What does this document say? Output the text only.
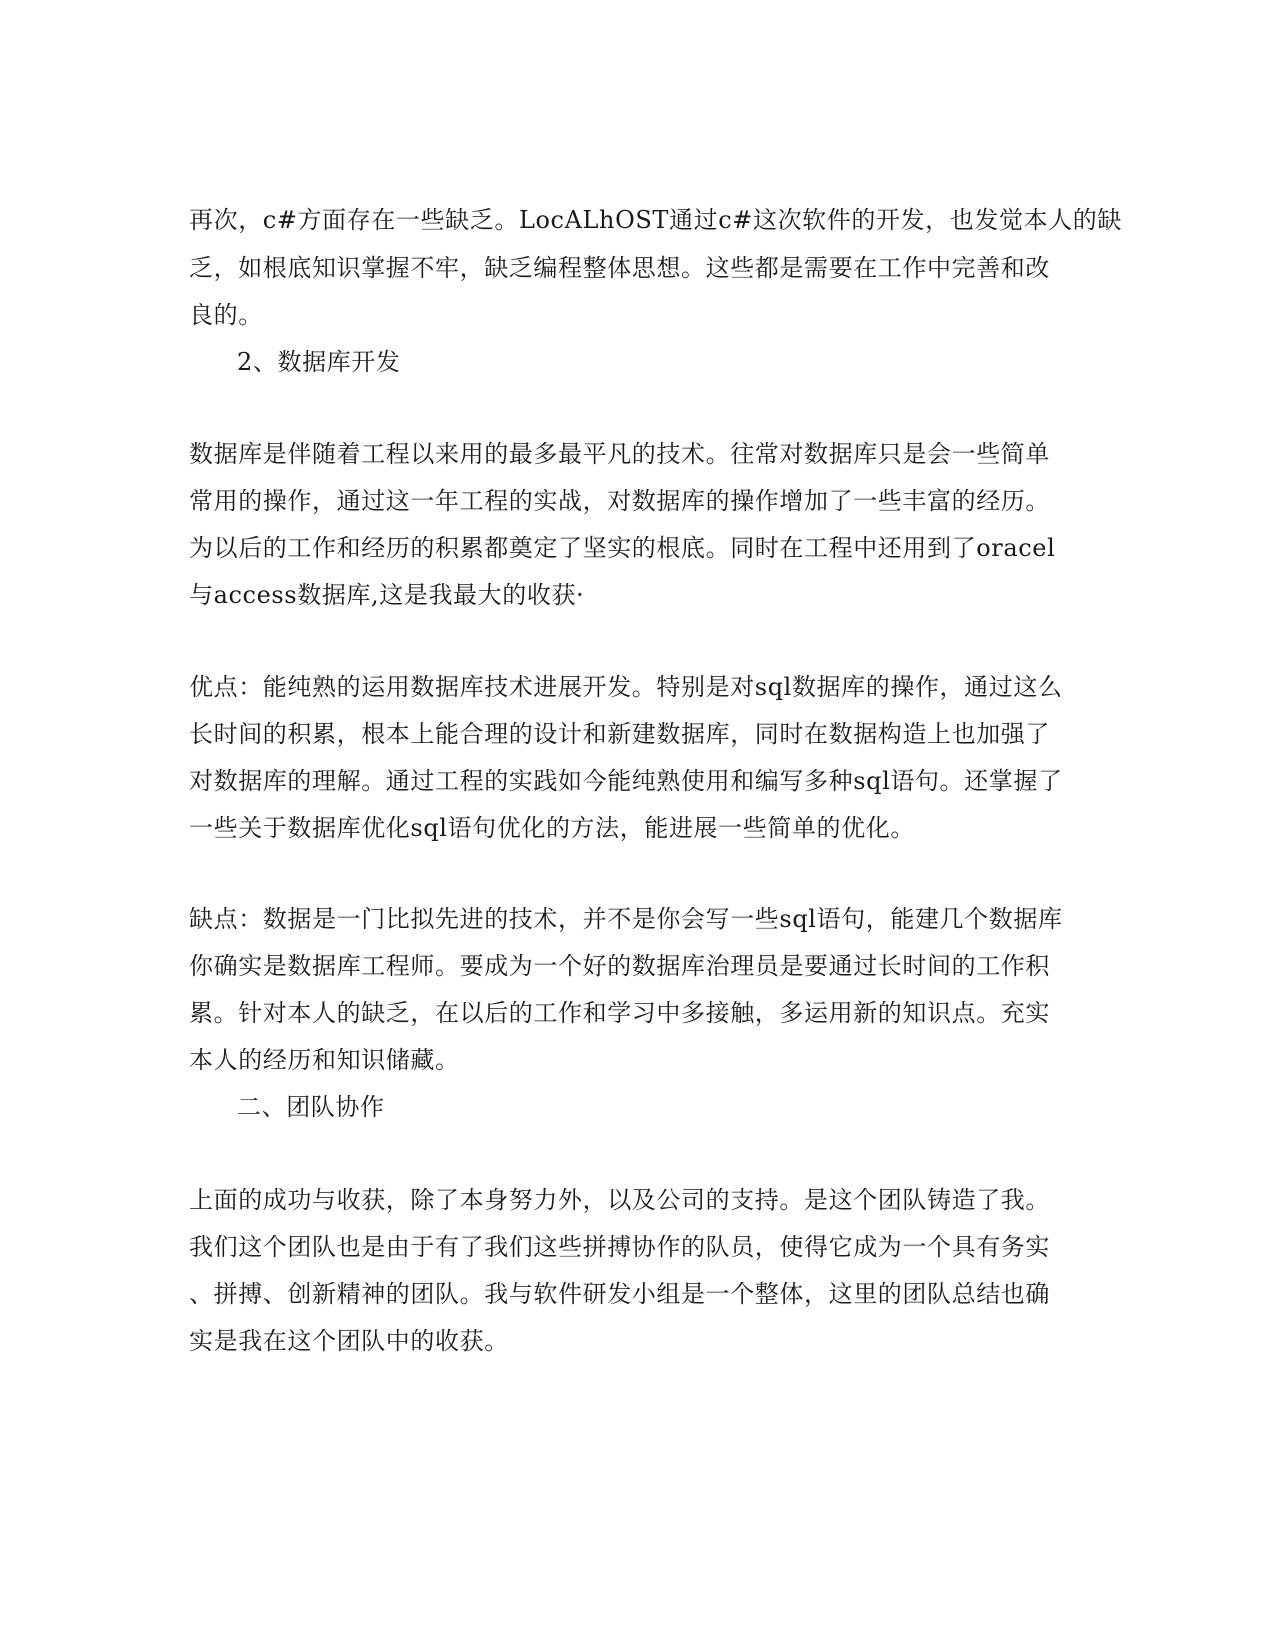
再次，c#方面存在一些缺乏。LocALhOST通过c#这次软件的开发，也发觉本人的缺
乏，如根底知识掌握不牢，缺乏编程整体思想。这些都是需要在工作中完善和改
良的。
2、数据库开发
数据库是伴随着工程以来用的最多最平凡的技术。往常对数据库只是会一些简单
常用的操作，通过这一年工程的实战，对数据库的操作增加了一些丰富的经历。
为以后的工作和经历的积累都奠定了坚实的根底。同时在工程中还用到了oracel
与access数据库,这是我最大的收获·
优点：能纯熟的运用数据库技术进展开发。特别是对sql数据库的操作，通过这么
长时间的积累，根本上能合理的设计和新建数据库，同时在数据构造上也加强了
对数据库的理解。通过工程的实践如今能纯熟使用和编写多种sql语句。还掌握了
一些关于数据库优化sql语句优化的方法，能进展一些简单的优化。
缺点：数据是一门比拟先进的技术，并不是你会写一些sql语句，能建几个数据库
你确实是数据库工程师。要成为一个好的数据库治理员是要通过长时间的工作积
累。针对本人的缺乏，在以后的工作和学习中多接触，多运用新的知识点。充实
本人的经历和知识储藏。
二、团队协作
上面的成功与收获，除了本身努力外，以及公司的支持。是这个团队铸造了我。
我们这个团队也是由于有了我们这些拼搏协作的队员，使得它成为一个具有务实
、拼搏、创新精神的团队。我与软件研发小组是一个整体，这里的团队总结也确
实是我在这个团队中的收获。
